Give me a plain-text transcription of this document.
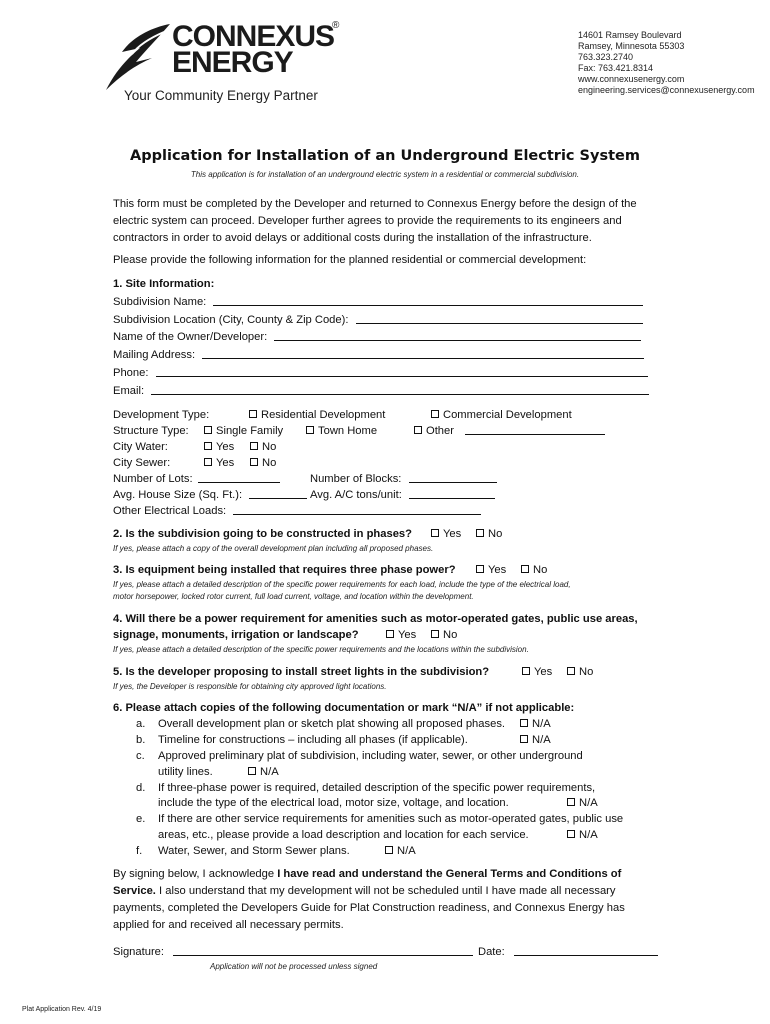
CONNEXUS
ENERGY
®
Your Community Energy Partner
14601 Ramsey Boulevard
Ramsey, Minnesota 55303
763.323.2740
Fax: 763.421.8314
www.connexusenergy.com
engineering.services@connexusenergy.com
Application for Installation of an Underground Electric System
This application is for installation of an underground electric system in a residential or commercial subdivision.
This form must be completed by the Developer and returned to Connexus Energy before the design of the
electric system can proceed. Developer further agrees to provide the requirements to its engineers and
contractors in order to avoid delays or additional costs during the installation of the infrastructure.
Please provide the following information for the planned residential or commercial development:
1. Site Information:
Subdivision Name:
Subdivision Location (City, County & Zip Code):
Name of the Owner/Developer:
Mailing Address:
Phone:
Email:
Development Type:	Residential Development	Commercial Development
Structure Type:	Single Family	Town Home	Other
City Water:	Yes	No
City Sewer:	Yes	No
Number of Lots:	Number of Blocks:
Avg. House Size (Sq. Ft.):	Avg. A/C tons/unit:
Other Electrical Loads:
2. Is the subdivision going to be constructed in phases?	Yes	No
If yes, please attach a copy of the overall development plan including all proposed phases.
3. Is equipment being installed that requires three phase power?	Yes	No
If yes, please attach a detailed description of the specific power requirements for each load, include the type of the electrical load,
motor horsepower, locked rotor current, full load current, voltage, and location within the development.
4. Will there be a power requirement for amenities such as motor-operated gates, public use areas,
signage, monuments, irrigation or landscape?	Yes	No
If yes, please attach a detailed description of the specific power requirements and the locations within the subdivision.
5. Is the developer proposing to install street lights in the subdivision?	Yes	No
If yes, the Developer is responsible for obtaining city approved light locations.
6. Please attach copies of the following documentation or mark “N/A” if not applicable:
a. Overall development plan or sketch plat showing all proposed phases.	N/A
b. Timeline for constructions – including all phases (if applicable).	N/A
c. Approved preliminary plat of subdivision, including water, sewer, or other underground
utility lines.	N/A
d. If three-phase power is required, detailed description of the specific power requirements,
include the type of the electrical load, motor size, voltage, and location.	N/A
e. If there are other service requirements for amenities such as motor-operated gates, public use
areas, etc., please provide a load description and location for each service.	N/A
f. Water, Sewer, and Storm Sewer plans.	N/A
By signing below, I acknowledge I have read and understand the General Terms and Conditions of
Service. I also understand that my development will not be scheduled until I have made all necessary
payments, completed the Developers Guide for Plat Construction readiness, and Connexus Energy has
applied for and received all necessary permits.
Signature:	Date:
Application will not be processed unless signed
Plat Application Rev. 4/19
